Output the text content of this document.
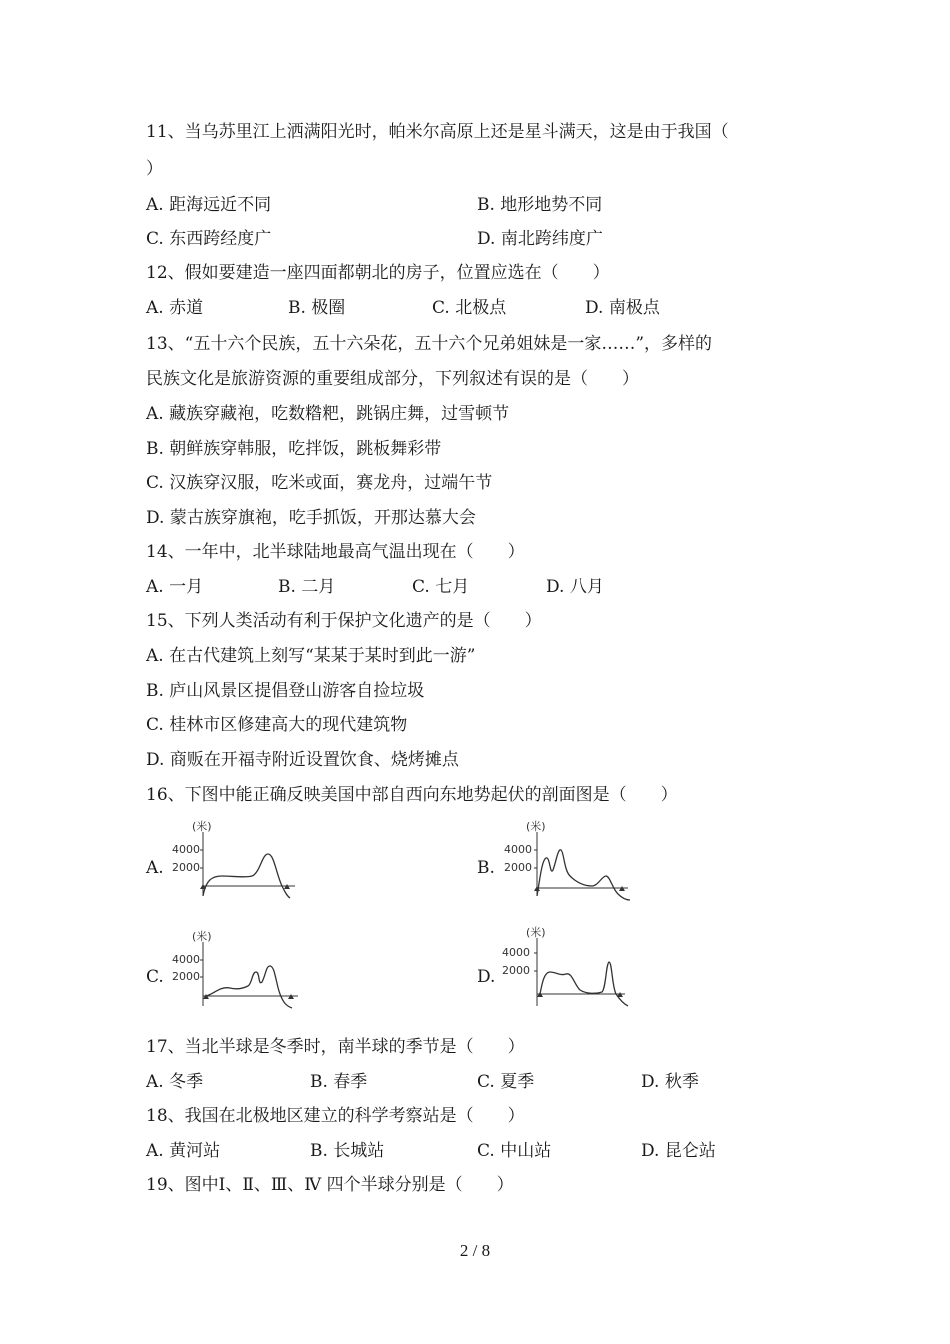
11、当乌苏里江上洒满阳光时，帕米尔高原上还是星斗满天，这是由于我国（
）
A. 距海远近不同	B. 地形地势不同
C. 东西跨经度广	D. 南北跨纬度广
12、假如要建造一座四面都朝北的房子，位置应选在（　　）
A. 赤道	B. 极圈	C. 北极点	D. 南极点
13、“五十六个民族，五十六朵花，五十六个兄弟姐妹是一家……”，多样的
民族文化是旅游资源的重要组成部分，下列叙述有误的是（　　）
A. 藏族穿藏袍，吃数糌粑，跳锅庄舞，过雪顿节
B. 朝鲜族穿韩服，吃拌饭，跳板舞彩带
C. 汉族穿汉服，吃米或面，赛龙舟，过端午节
D. 蒙古族穿旗袍，吃手抓饭，开那达慕大会
14、一年中，北半球陆地最高气温出现在（　　）
A. 一月	B. 二月	C. 七月	D. 八月
15、下列人类活动有利于保护文化遗产的是（　　）
A. 在古代建筑上刻写“某某于某时到此一游”
B. 庐山风景区提倡登山游客自捡垃圾
C. 桂林市区修建高大的现代建筑物
D. 商贩在开福寺附近设置饮食、烧烤摊点
16、下图中能正确反映美国中部自西向东地势起伏的剖面图是（　　）
A.	B.
C.	D.
(米)
4000
2000
(米)
4000
2000
(米)
4000
2000
(米)
4000
2000
17、当北半球是冬季时，南半球的季节是（　　）
A. 冬季	B. 春季	C. 夏季	D. 秋季
18、我国在北极地区建立的科学考察站是（　　）
A. 黄河站	B. 长城站	C. 中山站	D. 昆仑站
19、图中Ⅰ、Ⅱ、Ⅲ、Ⅳ 四个半球分别是（　　）
2 / 8
